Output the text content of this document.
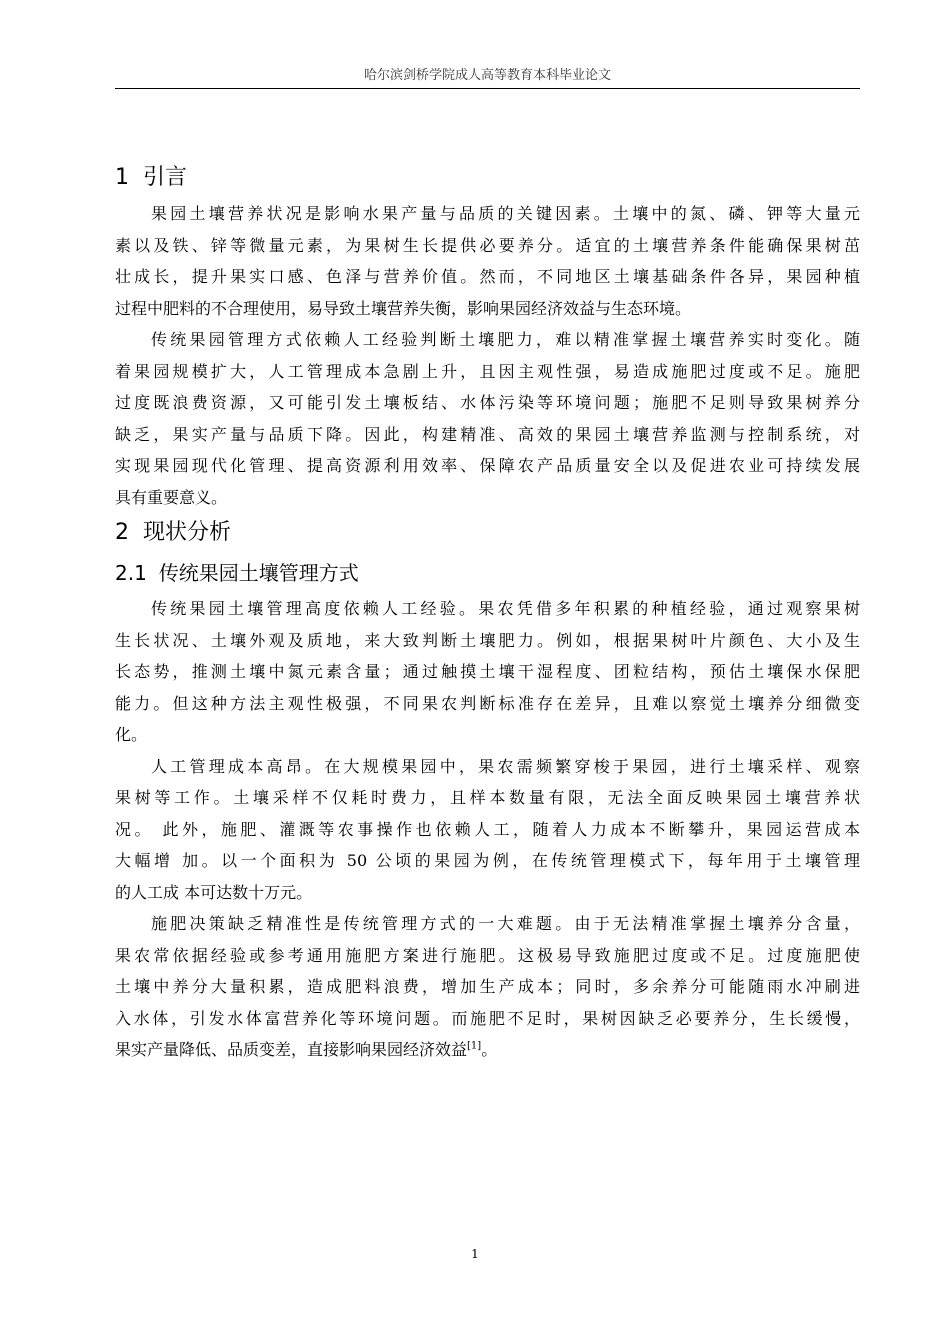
哈尔滨剑桥学院成人高等教育本科毕业论文
1 引言
果园土壤营养状况是影响水果产量与品质的关键因素。土壤中的氮、磷、钾等大量元
素以及铁、锌等微量元素，为果树生长提供必要养分。适宜的土壤营养条件能确保果树茁
壮成长，提升果实口感、色泽与营养价值。然而，不同地区土壤基础条件各异，果园种植
过程中肥料的不合理使用，易导致土壤营养失衡，影响果园经济效益与生态环境。
传统果园管理方式依赖人工经验判断土壤肥力，难以精准掌握土壤营养实时变化。随
着果园规模扩大，人工管理成本急剧上升，且因主观性强，易造成施肥过度或不足。施肥
过度既浪费资源，又可能引发土壤板结、水体污染等环境问题；施肥不足则导致果树养分
缺乏，果实产量与品质下降。因此，构建精准、高效的果园土壤营养监测与控制系统，对
实现果园现代化管理、提高资源利用效率、保障农产品质量安全以及促进农业可持续发展
具有重要意义。
2 现状分析
2.1 传统果园土壤管理方式
传统果园土壤管理高度依赖人工经验。果农凭借多年积累的种植经验，通过观察果树
生长状况、土壤外观及质地，来大致判断土壤肥力。例如，根据果树叶片颜色、大小及生
长态势，推测土壤中氮元素含量；通过触摸土壤干湿程度、团粒结构，预估土壤保水保肥
能力。但这种方法主观性极强，不同果农判断标准存在差异，且难以察觉土壤养分细微变
化。
人工管理成本高昂。在大规模果园中，果农需频繁穿梭于果园，进行土壤采样、观察
果树等工作。土壤采样不仅耗时费力，且样本数量有限，无法全面反映果园土壤营养状
况。 此外，施肥、灌溉等农事操作也依赖人工，随着人力成本不断攀升，果园运营成本
大幅增 加。以一个面积为 50 公顷的果园为例，在传统管理模式下，每年用于土壤管理
的人工成 本可达数十万元。
施肥决策缺乏精准性是传统管理方式的一大难题。由于无法精准掌握土壤养分含量，
果农常依据经验或参考通用施肥方案进行施肥。这极易导致施肥过度或不足。过度施肥使
土壤中养分大量积累，造成肥料浪费，增加生产成本；同时，多余养分可能随雨水冲刷进
入水体，引发水体富营养化等环境问题。而施肥不足时，果树因缺乏必要养分，生长缓慢，
果实产量降低、品质变差，直接影响果园经济效益[1]。
1
